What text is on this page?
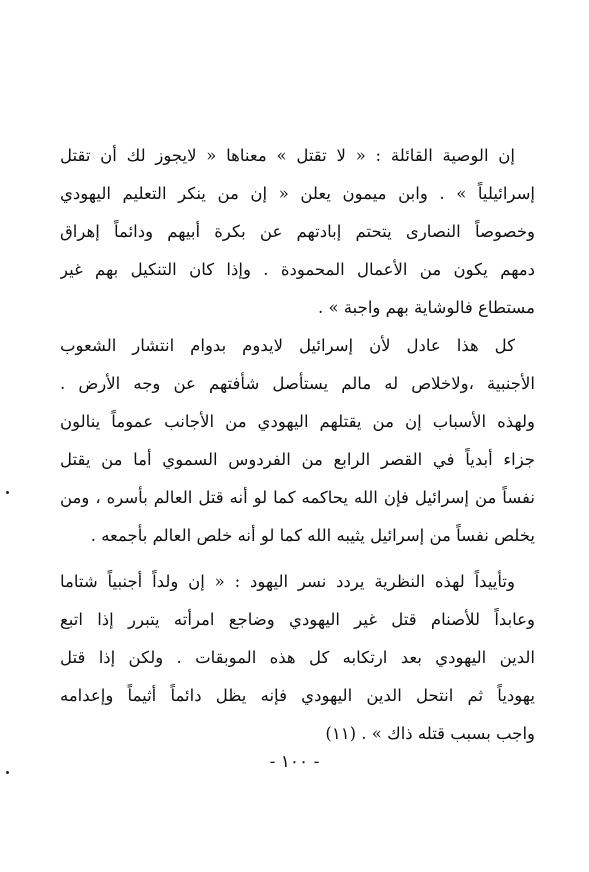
إن الوصية القائلة : « لا تقتل » معناها « لايجوز لك أن تقتل
إسرائيلياً » . وابن ميمون يعلن « إن من ينكر التعليم اليهودي
وخصوصاً النصارى يتحتم إبادتهم عن بكرة أبيهم ودائماً إهراق
دمهم يكون من الأعمال المحمودة . وإذا كان التنكيل بهم غير
مستطاع فالوشاية بهم واجبة » .
كل هذا عادل لأن إسرائيل لايدوم بدوام انتشار الشعوب
الأجنبية ،ولاخلاص له مالم يستأصل شأفتهم عن وجه الأرض .
ولهذه الأسباب إن من يقتلهم اليهودي من الأجانب عموماً ينالون
جزاء أبدياً في القصر الرابع من الفردوس السموي أما من يقتل
نفساً من إسرائيل فإن الله يحاكمه كما لو أنه قتل العالم بأسره ، ومن
يخلص نفساً من إسرائيل يثيبه الله كما لو أنه خلص العالم بأجمعه .
وتأييداً لهذه النظرية يردد نسر اليهود : « إن ولداً أجنبياً شتاما
وعابداً للأصنام قتل غير اليهودي وضاجع امرأته يتبرر إذا اتبع
الدين اليهودي بعد ارتكابه كل هذه الموبقات . ولكن إذا قتل
يهودياً ثم انتحل الدين اليهودي فإنه يظل دائماً أثيماً وإعدامه
واجب بسبب قتله ذاك » . (١١)
- ١٠٠ -
